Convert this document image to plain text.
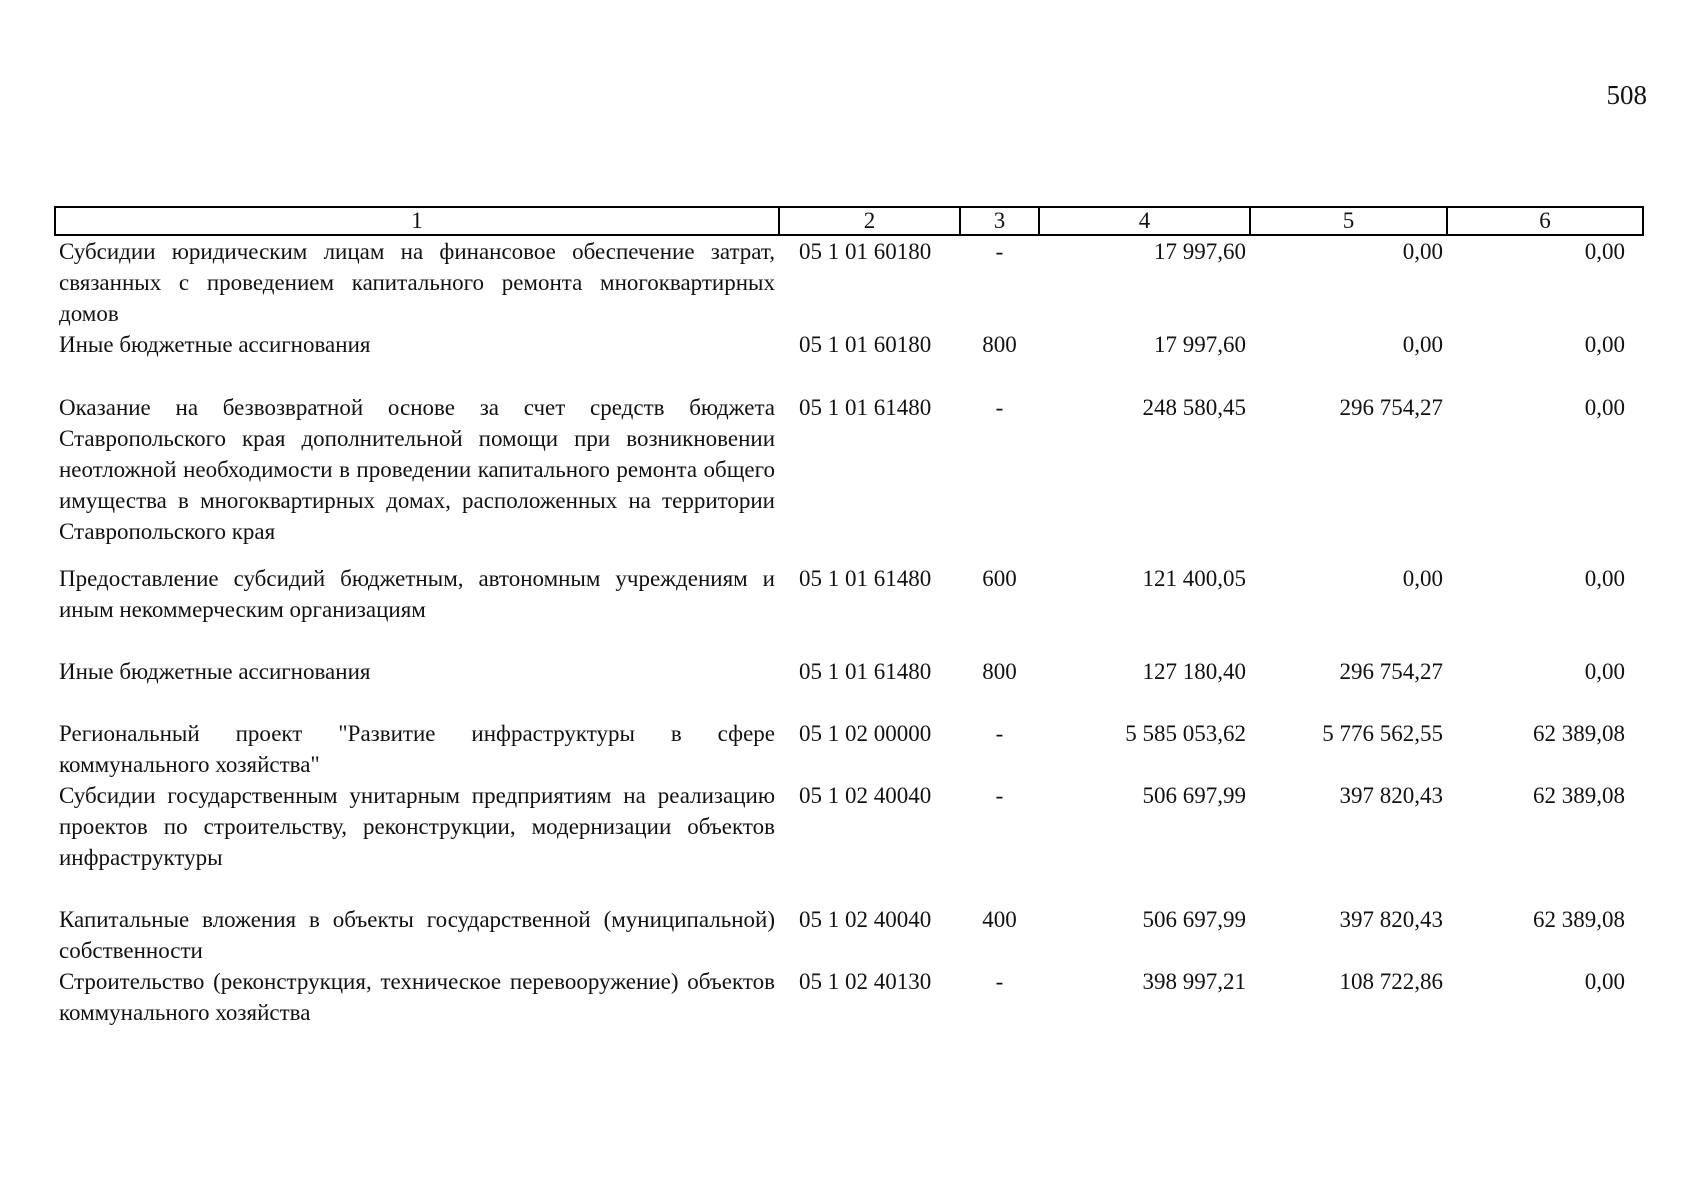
508
1	2	3	4	5	6
Субсидии юридическим лицам на финансовое обеспечение затрат, связанных с проведением капитального ремонта многоквартирных домов	05 1 01 60180	-	17 997,60	0,00	0,00
Иные бюджетные ассигнования	05 1 01 60180	800	17 997,60	0,00	0,00
Оказание на безвозвратной основе за счет средств бюджета Ставропольского края дополнительной помощи при возникновении неотложной необходимости в проведении капитального ремонта общего имущества в многоквартирных домах, расположенных на территории Ставропольского края	05 1 01 61480	-	248 580,45	296 754,27	0,00
Предоставление субсидий бюджетным, автономным учреждениям и иным некоммерческим организациям	05 1 01 61480	600	121 400,05	0,00	0,00
Иные бюджетные ассигнования	05 1 01 61480	800	127 180,40	296 754,27	0,00
Региональный проект "Развитие инфраструктуры в сфере коммунального хозяйства"	05 1 02 00000	-	5 585 053,62	5 776 562,55	62 389,08
Субсидии государственным унитарным предприятиям на реализацию проектов по строительству, реконструкции, модернизации объектов инфраструктуры	05 1 02 40040	-	506 697,99	397 820,43	62 389,08
Капитальные вложения в объекты государственной (муниципальной) собственности	05 1 02 40040	400	506 697,99	397 820,43	62 389,08
Строительство (реконструкция, техническое перевооружение) объектов коммунального хозяйства	05 1 02 40130	-	398 997,21	108 722,86	0,00
